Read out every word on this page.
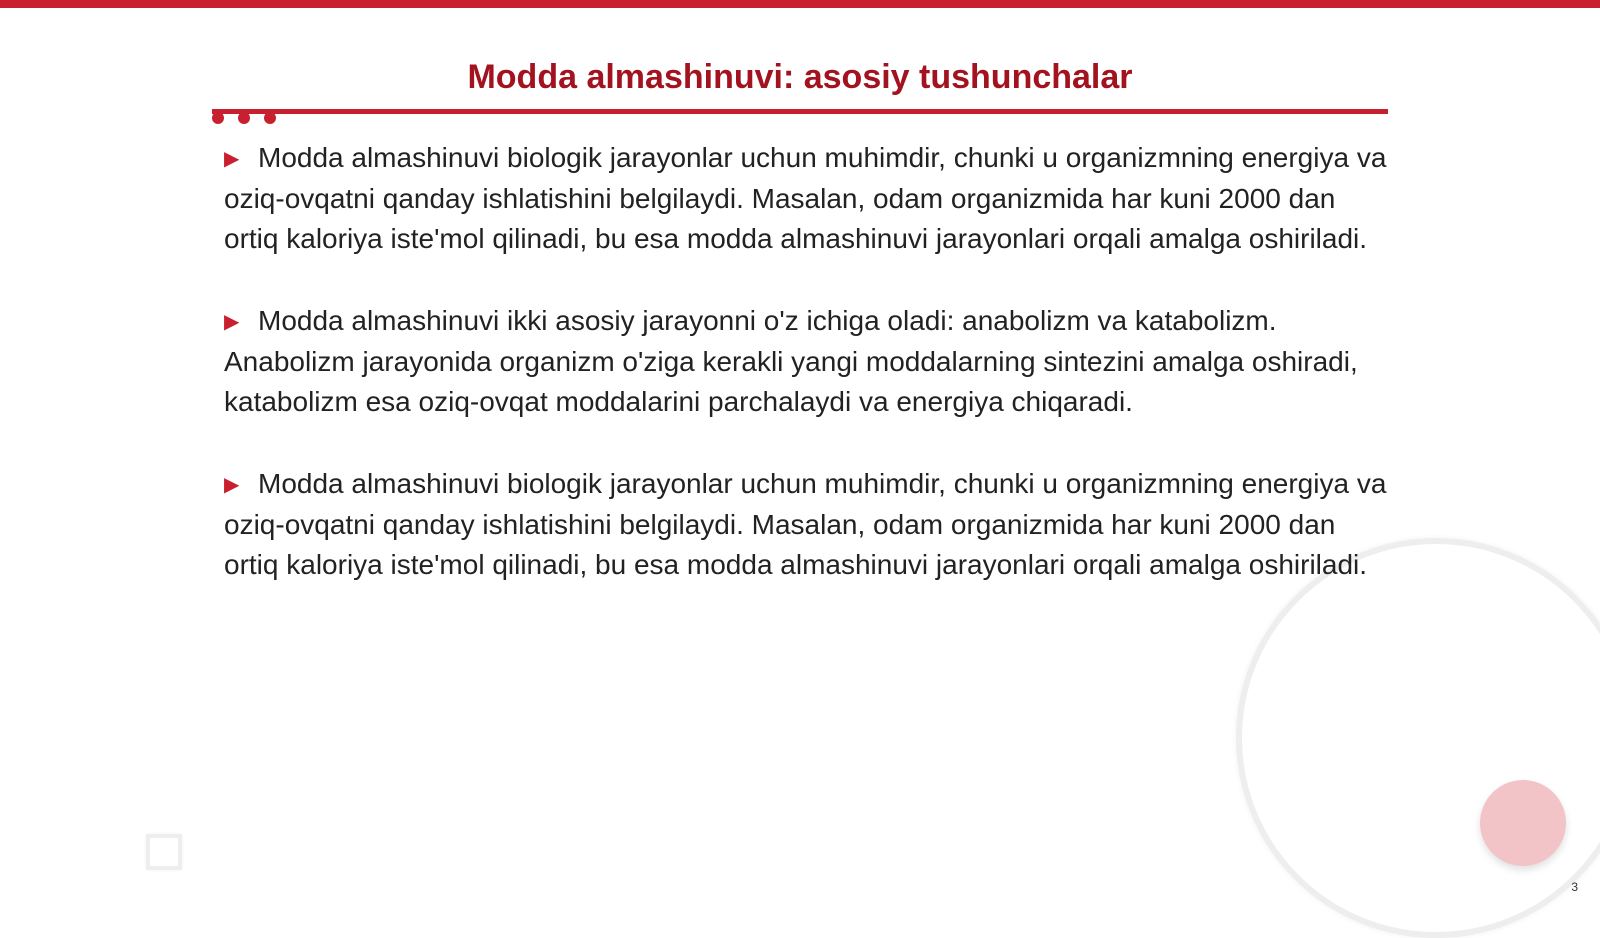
Modda almashinuvi: asosiy tushunchalar

▶ Modda almashinuvi biologik jarayonlar uchun muhimdir, chunki u organizmning energiya va oziq-ovqatni qanday ishlatishini belgilaydi. Masalan, odam organizmida har kuni 2000 dan ortiq kaloriya iste'mol qilinadi, bu esa modda almashinuvi jarayonlari orqali amalga oshiriladi.

▶ Modda almashinuvi ikki asosiy jarayonni o'z ichiga oladi: anabolizm va katabolizm. Anabolizm jarayonida organizm o'ziga kerakli yangi moddalarning sintezini amalga oshiradi, katabolizm esa oziq-ovqat moddalarini parchalaydi va energiya chiqaradi.

▶ Modda almashinuvi biologik jarayonlar uchun muhimdir, chunki u organizmning energiya va oziq-ovqatni qanday ishlatishini belgilaydi. Masalan, odam organizmida har kuni 2000 dan ortiq kaloriya iste'mol qilinadi, bu esa modda almashinuvi jarayonlari orqali amalga oshiriladi.

3
